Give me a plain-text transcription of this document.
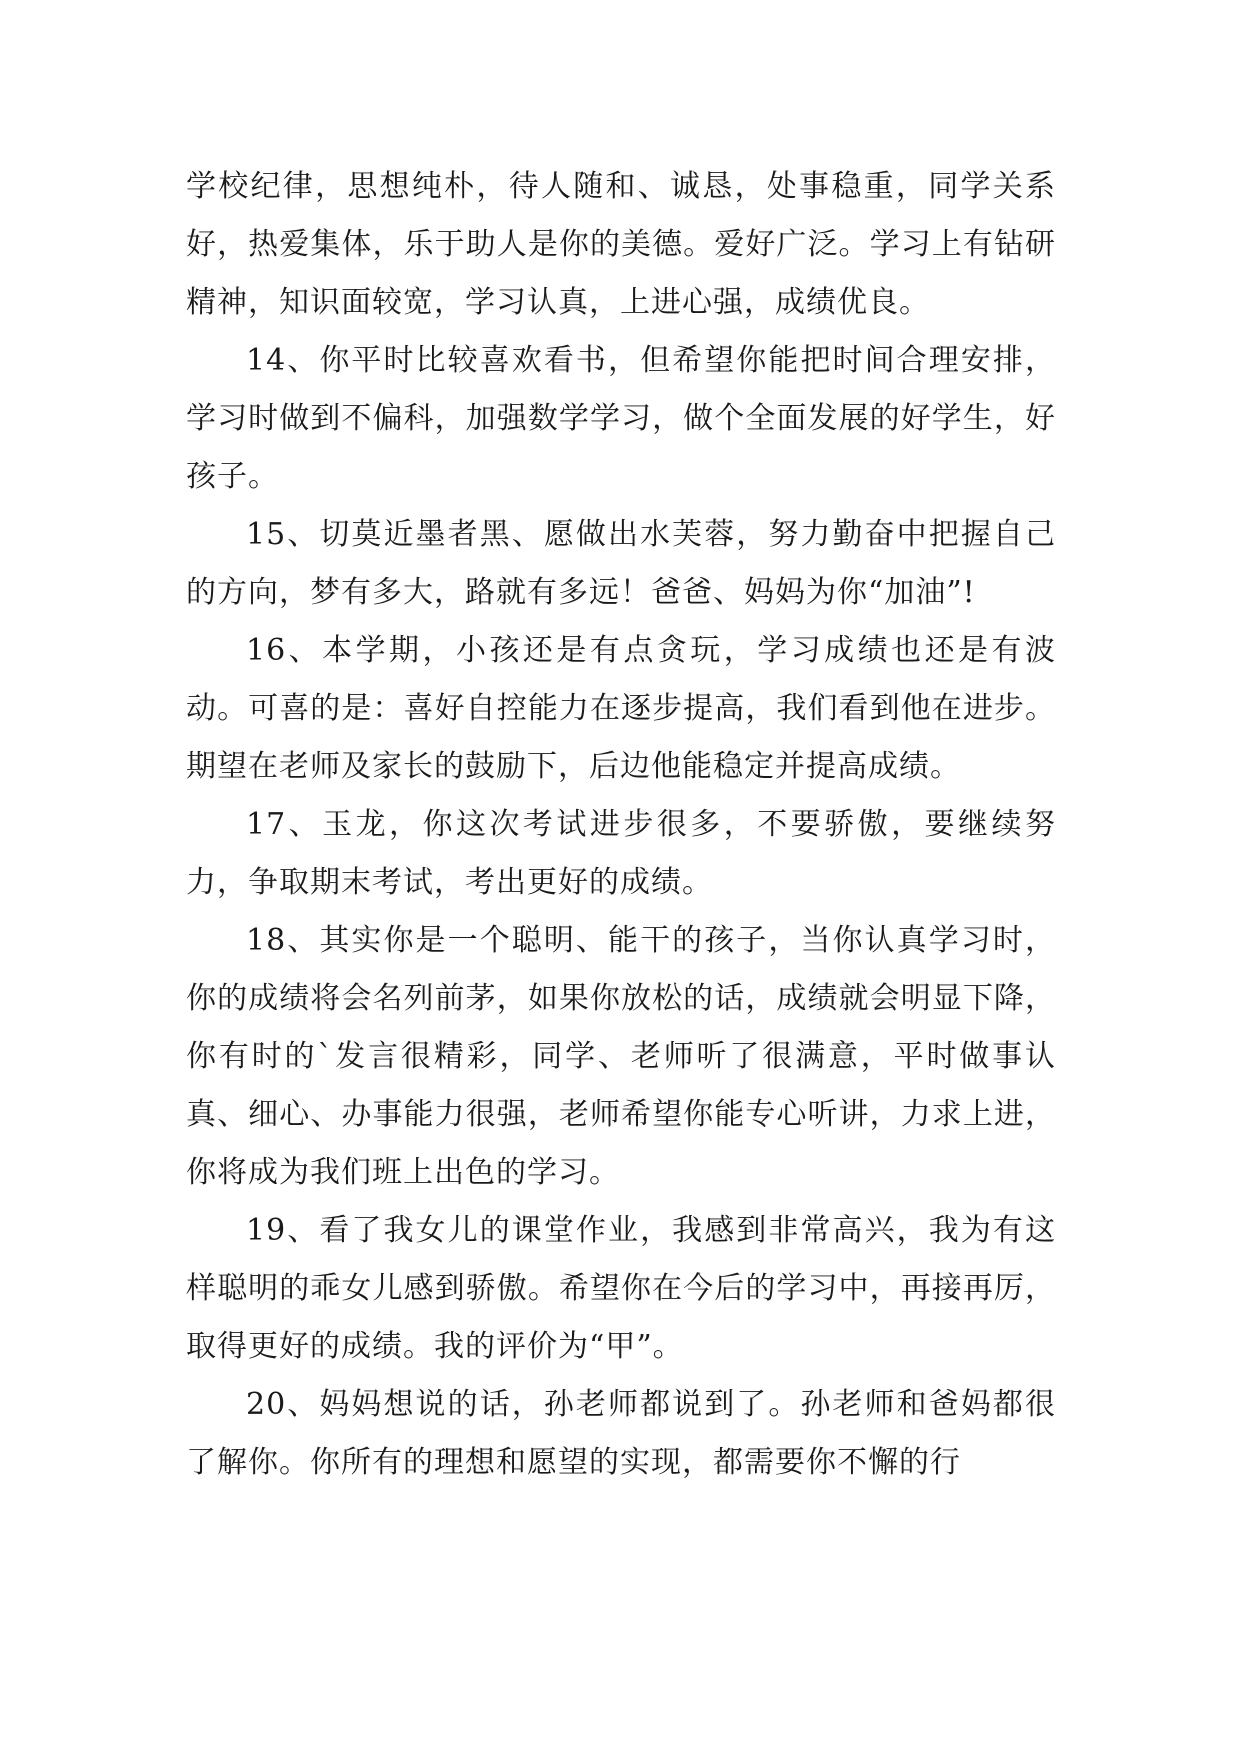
学校纪律，思想纯朴，待人随和、诚恳，处事稳重，同学关系好，热爱集体，乐于助人是你的美德。爱好广泛。学习上有钻研精神，知识面较宽，学习认真，上进心强，成绩优良。

14、你平时比较喜欢看书，但希望你能把时间合理安排，学习时做到不偏科，加强数学学习，做个全面发展的好学生，好孩子。

15、切莫近墨者黑、愿做出水芙蓉，努力勤奋中把握自己的方向，梦有多大，路就有多远！爸爸、妈妈为你“加油”!

16、本学期，小孩还是有点贪玩，学习成绩也还是有波动。可喜的是：喜好自控能力在逐步提高，我们看到他在进步。期望在老师及家长的鼓励下，后边他能稳定并提高成绩。

17、玉龙，你这次考试进步很多，不要骄傲，要继续努力，争取期末考试，考出更好的成绩。

18、其实你是一个聪明、能干的孩子，当你认真学习时，你的成绩将会名列前茅，如果你放松的话，成绩就会明显下降，你有时的`发言很精彩，同学、老师听了很满意，平时做事认真、细心、办事能力很强，老师希望你能专心听讲，力求上进，你将成为我们班上出色的学习。

19、看了我女儿的课堂作业，我感到非常高兴，我为有这样聪明的乖女儿感到骄傲。希望你在今后的学习中，再接再厉，取得更好的成绩。我的评价为“甲”。

20、妈妈想说的话，孙老师都说到了。孙老师和爸妈都很了解你。你所有的理想和愿望的实现，都需要你不懈的行
